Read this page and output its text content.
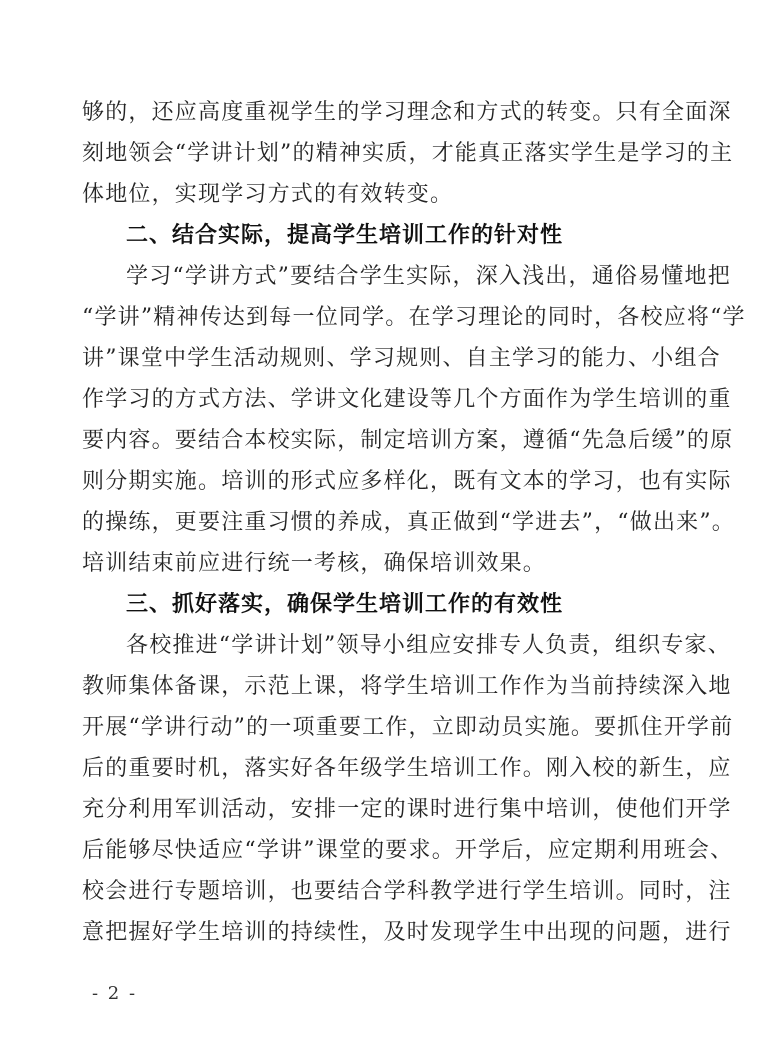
够的，还应高度重视学生的学习理念和方式的转变。只有全面深
刻地领会“学讲计划”的精神实质，才能真正落实学生是学习的主
体地位，实现学习方式的有效转变。
二、结合实际，提高学生培训工作的针对性
学习“学讲方式”要结合学生实际，深入浅出，通俗易懂地把
“学讲”精神传达到每一位同学。在学习理论的同时，各校应将“学
讲”课堂中学生活动规则、学习规则、自主学习的能力、小组合
作学习的方式方法、学讲文化建设等几个方面作为学生培训的重
要内容。要结合本校实际，制定培训方案，遵循“先急后缓”的原
则分期实施。培训的形式应多样化，既有文本的学习，也有实际
的操练，更要注重习惯的养成，真正做到“学进去”，“做出来”。
培训结束前应进行统一考核，确保培训效果。
三、抓好落实，确保学生培训工作的有效性
各校推进“学讲计划”领导小组应安排专人负责，组织专家、
教师集体备课，示范上课，将学生培训工作作为当前持续深入地
开展“学讲行动”的一项重要工作，立即动员实施。要抓住开学前
后的重要时机，落实好各年级学生培训工作。刚入校的新生，应
充分利用军训活动，安排一定的课时进行集中培训，使他们开学
后能够尽快适应“学讲”课堂的要求。开学后，应定期利用班会、
校会进行专题培训，也要结合学科教学进行学生培训。同时，注
意把握好学生培训的持续性，及时发现学生中出现的问题，进行
- 2 -
